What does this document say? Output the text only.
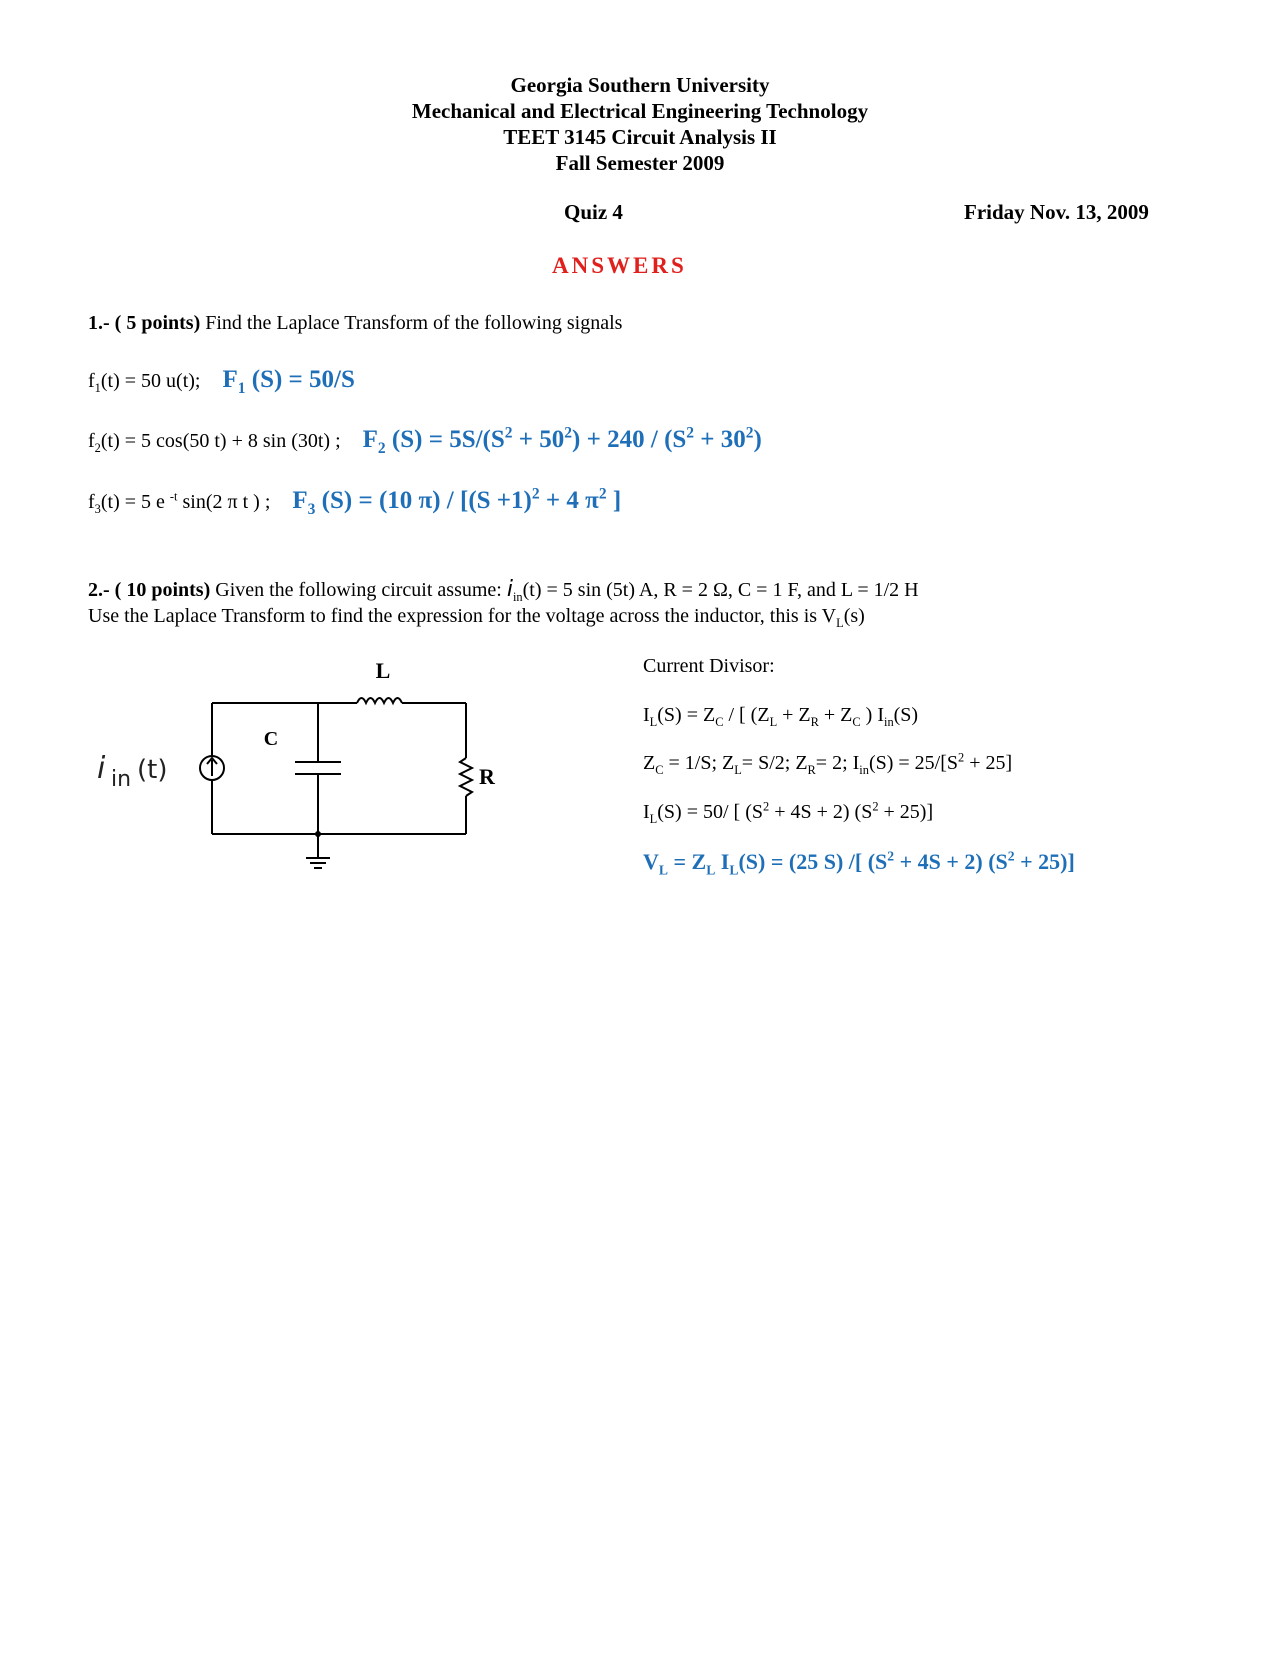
Georgia Southern University
Mechanical and Electrical Engineering Technology
TEET 3145 Circuit Analysis II
Fall Semester 2009
Quiz 4	Friday Nov. 13, 2009
ANSWERS
1.- ( 5 points) Find the Laplace Transform of the following signals
$f_1(t) = 50$ u(t); $F_1$ (S) = 50/S
$f_2(t) = 5$ cos(50 t) + 8 sin (30t) ; $F_2$ $(S) = 5S/(S^2 + 50^2) + 240 / (S^2 + 30^2)$
$f_3(t) = 5$ e $^{-t}$ sin(2 π t ) ; $F_3$ (S) = (10 $\pi) / [(S +1)^2 + 4$ $\pi^2$ ]
2.- ( 10 points) Given the following circuit assume: $i_{in}(t) = 5$ sin (5t) A, R = 2 Ω, C = 1 F, and L = 1/2 H
Use the Laplace Transform to find the expression for the voltage across the inductor, this is $V_L(s)$
L
C
R
i in (t)
Current Divisor:
$I_L(S) = Z_C$ / [ ($Z_L + Z_R + Z_C$ ) $I_{in}(S)$
$Z_C = 1/S$; $Z_L= S/2$; $Z_R= 2$; $I_{in}(S) = 25/[S^2 + 25]$
$I_L(S) = 50/$ [ $(S^2 + 4S + 2) (S^2 + 25)$]
$V_L = Z_L$ $I_L(S) = (25$ S) /[ $(S^2 + 4S + 2) (S^2 + 25)$]
